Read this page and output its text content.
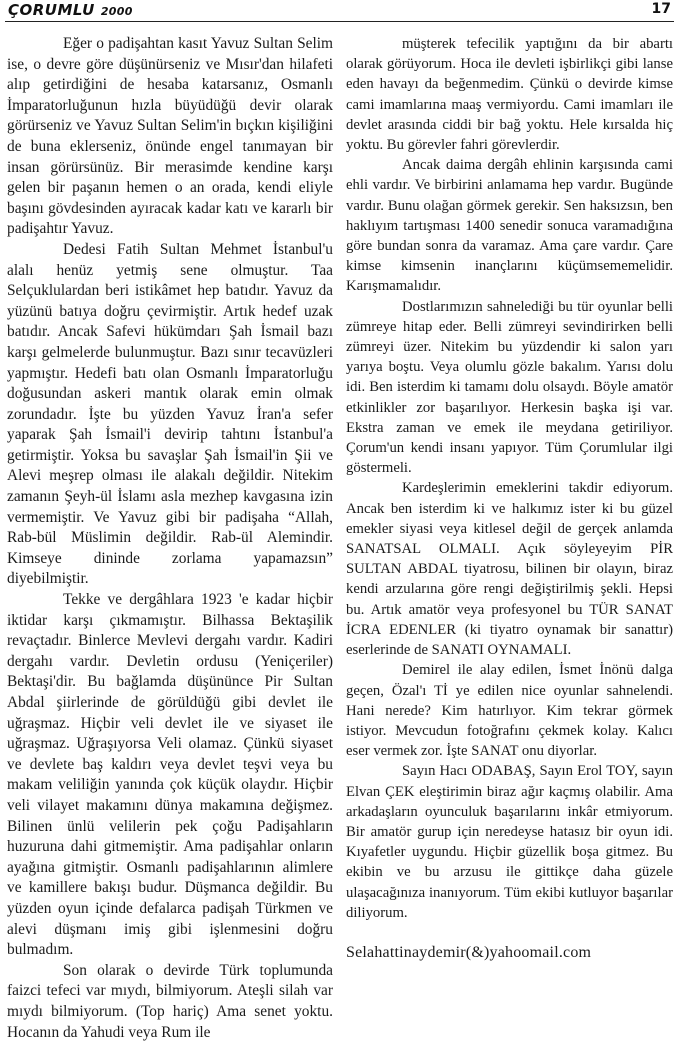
ÇORUMLU 2000	17

Eğer o padişahtan kasıt Yavuz Sultan Selim ise, o devre göre düşünürseniz ve Mısır'dan hilafeti alıp getirdiğini de hesaba katarsanız, Osmanlı İmparatorluğunun hızla büyüdüğü devir olarak görürseniz ve Yavuz Sultan Selim'in bıçkın kişiliğini de buna eklerseniz, önünde engel tanımayan bir insan görürsünüz. Bir merasimde kendine karşı gelen bir paşanın hemen o an orada, kendi eliyle başını gövdesinden ayıracak kadar katı ve kararlı bir padişahtır Yavuz.

Dedesi Fatih Sultan Mehmet İstanbul'u alalı henüz yetmiş sene olmuştur. Taa Selçuklulardan beri istikâmet hep batıdır. Yavuz da yüzünü batıya doğru çevirmiştir. Artık hedef uzak batıdır. Ancak Safevi hükümdarı Şah İsmail bazı karşı gelmelerde bulunmuştur. Bazı sınır tecavüzleri yapmıştır. Hedefi batı olan Osmanlı İmparatorluğu doğusundan askeri mantık olarak emin olmak zorundadır. İşte bu yüzden Yavuz İran'a sefer yaparak Şah İsmail'i devirip tahtını İstanbul'a getirmiştir. Yoksa bu savaşlar Şah İsmail'in Şii ve Alevi meşrep olması ile alakalı değildir. Nitekim zamanın Şeyh-ül İslamı asla mezhep kavgasına izin vermemiştir. Ve Yavuz gibi bir padişaha “Allah, Rab-bül Müslimin değildir. Rab-ül Alemindir. Kimseye dininde zorlama yapamazsın” diyebilmiştir.

Tekke ve dergâhlara 1923 'e kadar hiçbir iktidar karşı çıkmamıştır. Bilhassa Bektaşilik revaçtadır. Binlerce Mevlevi dergahı vardır. Kadiri dergahı vardır. Devletin ordusu (Yeniçeriler) Bektaşi'dir. Bu bağlamda düşününce Pir Sultan Abdal şiirlerinde de görüldüğü gibi devlet ile uğraşmaz. Hiçbir veli devlet ile ve siyaset ile uğraşmaz. Uğraşıyorsa Veli olamaz. Çünkü siyaset ve devlete baş kaldırı veya devlet teşvi veya bu makam veliliğin yanında çok küçük olaydır. Hiçbir veli vilayet makamını dünya makamına değişmez. Bilinen ünlü velilerin pek çoğu Padişahların huzuruna dahi gitmemiştir. Ama padişahlar onların ayağına gitmiştir. Osmanlı padişahlarının alimlere ve kamillere bakışı budur. Düşmanca değildir. Bu yüzden oyun içinde defalarca padişah Türkmen ve alevi düşmanı imiş gibi işlenmesini doğru bulmadım.

Son olarak o devirde Türk toplumunda faizci tefeci var mıydı, bilmiyorum. Ateşli silah var mıydı bilmiyorum. (Top hariç) Ama senet yoktu. Hocanın da Yahudi veya Rum ile

müşterek tefecilik yaptığını da bir abartı olarak görüyorum. Hoca ile devleti işbirlikçi gibi lanse eden havayı da beğenmedim. Çünkü o devirde kimse cami imamlarına maaş vermiyordu. Cami imamları ile devlet arasında ciddi bir bağ yoktu. Hele kırsalda hiç yoktu. Bu görevler fahri görevlerdir.

Ancak daima dergâh ehlinin karşısında cami ehli vardır. Ve birbirini anlamama hep vardır. Bugünde vardır. Bunu olağan görmek gerekir. Sen haksızsın, ben haklıyım tartışması 1400 senedir sonuca varamadığına göre bundan sonra da varamaz. Ama çare vardır. Çare kimse kimsenin inançlarını küçümsememelidir. Karışmamalıdır.

Dostlarımızın sahnelediği bu tür oyunlar belli zümreye hitap eder. Belli zümreyi sevindirirken belli zümreyi üzer. Nitekim bu yüzdendir ki salon yarı yarıya boştu. Veya olumlu gözle bakalım. Yarısı dolu idi. Ben isterdim ki tamamı dolu olsaydı. Böyle amatör etkinlikler zor başarılıyor. Herkesin başka işi var. Ekstra zaman ve emek ile meydana getiriliyor. Çorum'un kendi insanı yapıyor. Tüm Çorumlular ilgi göstermeli.

Kardeşlerimin emeklerini takdir ediyorum. Ancak ben isterdim ki ve halkımız ister ki bu güzel emekler siyasi veya kitlesel değil de gerçek anlamda SANATSAL OLMALI. Açık söyleyeyim PİR SULTAN ABDAL tiyatrosu, bilinen bir olayın, biraz kendi arzularına göre rengi değiştirilmiş şekli. Hepsi bu. Artık amatör veya profesyonel bu TÜR SANAT İCRA EDENLER (ki tiyatro oynamak bir sanattır) eserlerinde de SANATI OYNAMALI.

Demirel ile alay edilen, İsmet İnönü dalga geçen, Özal'ı Tİ ye edilen nice oyunlar sahnelendi. Hani nerede? Kim hatırlıyor. Kim tekrar görmek istiyor. Mevcudun fotoğrafını çekmek kolay. Kalıcı eser vermek zor. İşte SANAT onu diyorlar.

Sayın Hacı ODABAŞ, Sayın Erol TOY, sayın Elvan ÇEK eleştirimin biraz ağır kaçmış olabilir. Ama arkadaşların oyunculuk başarılarını inkâr etmiyorum. Bir amatör gurup için neredeyse hatasız bir oyun idi. Kıyafetler uygundu. Hiçbir güzellik boşa gitmez. Bu ekibin ve bu arzusu ile gittikçe daha güzele ulaşacağınıza inanıyorum. Tüm ekibi kutluyor başarılar diliyorum.

Selahattinaydemir(&)yahoomail.com
